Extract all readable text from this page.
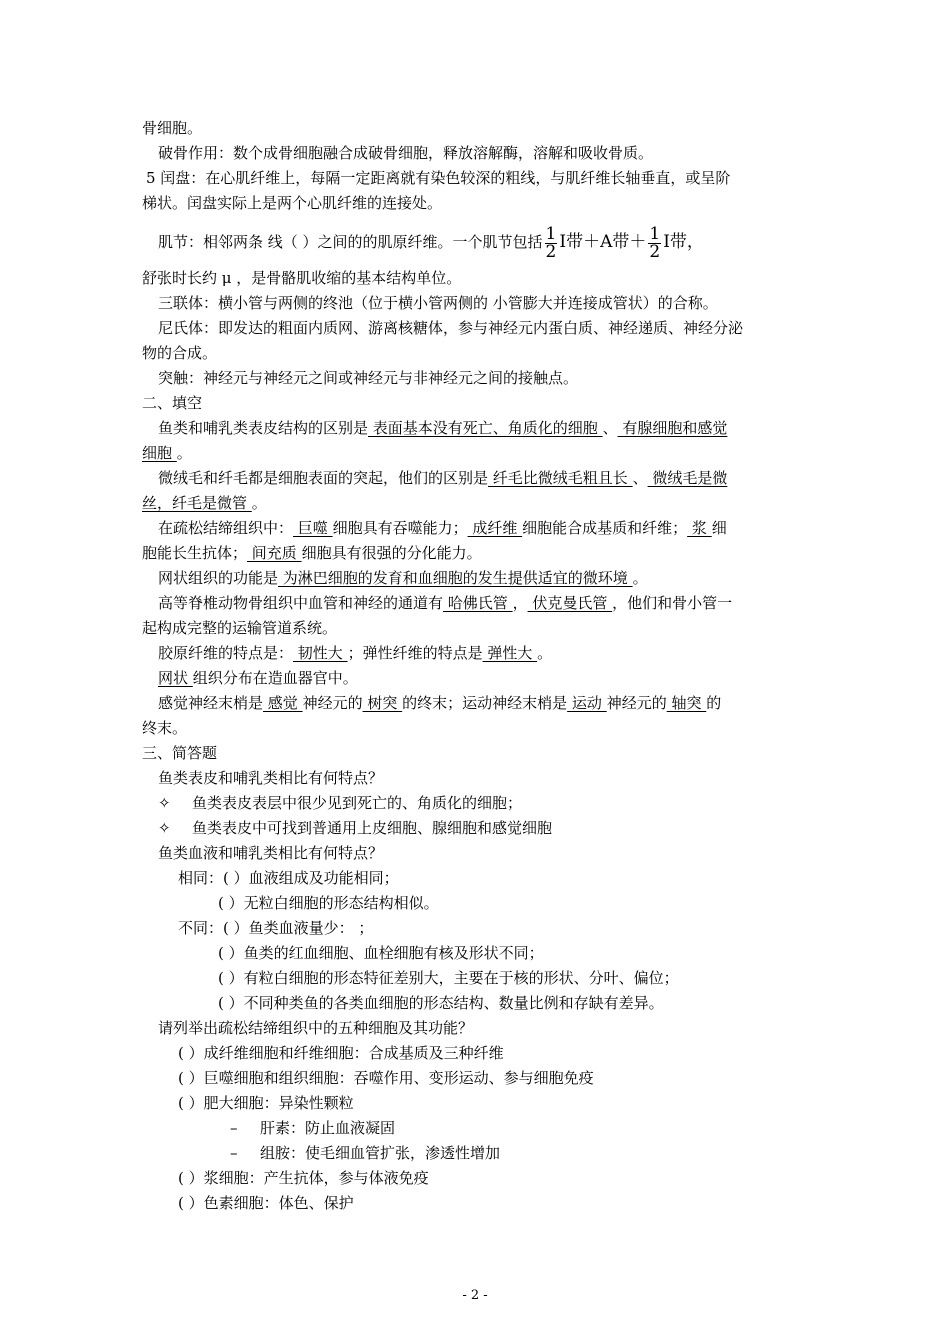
骨细胞。
破骨作用：数个成骨细胞融合成破骨细胞，释放溶解酶，溶解和吸收骨质。
5 闰盘：在心肌纤维上，每隔一定距离就有染色较深的粗线，与肌纤维长轴垂直，或呈阶
梯状。闰盘实际上是两个心肌纤维的连接处。
肌节：相邻两条 线（ ）之间的的肌原纤维。一个肌节包括 $\frac{1}{2}$ I带＋A带＋ $\frac{1}{2}$ I带，
舒张时长约 μ ，是骨骼肌收缩的基本结构单位。
三联体：横小管与两侧的终池（位于横小管两侧的 小管膨大并连接成管状）的合称。
尼氏体：即发达的粗面内质网、游离核糖体，参与神经元内蛋白质、神经递质、神经分泌
物的合成。
突触：神经元与神经元之间或神经元与非神经元之间的接触点。
二、填空
鱼类和哺乳类表皮结构的区别是 表面基本没有死亡、角质化的细胞 、 有腺细胞和感觉
细胞 。
微绒毛和纤毛都是细胞表面的突起，他们的区别是 纤毛比微绒毛粗且长 、 微绒毛是微
丝，纤毛是微管 。
在疏松结缔组织中： 巨噬 细胞具有吞噬能力； 成纤维 细胞能合成基质和纤维； 浆 细
胞能长生抗体； 间充质 细胞具有很强的分化能力。
网状组织的功能是 为淋巴细胞的发育和血细胞的发生提供适宜的微环境 。
高等脊椎动物骨组织中血管和神经的通道有 哈佛氏管 ， 伏克曼氏管 ，他们和骨小管一
起构成完整的运输管道系统。
胶原纤维的特点是： 韧性大 ；弹性纤维的特点是 弹性大 。
网状 组织分布在造血器官中。
感觉神经末梢是 感觉 神经元的 树突 的终末；运动神经末梢是 运动 神经元的 轴突 的
终末。
三、简答题
鱼类表皮和哺乳类相比有何特点？
✧ 鱼类表皮表层中很少见到死亡的、角质化的细胞；
✧ 鱼类表皮中可找到普通用上皮细胞、腺细胞和感觉细胞
鱼类血液和哺乳类相比有何特点？
相同：( ）血液组成及功能相同；
( ）无粒白细胞的形态结构相似。
不同：( ）鱼类血液量少： ；
( ）鱼类的红血细胞、血栓细胞有核及形状不同；
( ）有粒白细胞的形态特征差别大，主要在于核的形状、分叶、偏位；
( ）不同种类鱼的各类血细胞的形态结构、数量比例和存缺有差异。
请列举出疏松结缔组织中的五种细胞及其功能？
( ）成纤维细胞和纤维细胞：合成基质及三种纤维
( ）巨噬细胞和组织细胞：吞噬作用、变形运动、参与细胞免疫
( ）肥大细胞：异染性颗粒
– 肝素：防止血液凝固
– 组胺：使毛细血管扩张，渗透性增加
( ）浆细胞：产生抗体，参与体液免疫
( ）色素细胞：体色、保护
- 2 -
